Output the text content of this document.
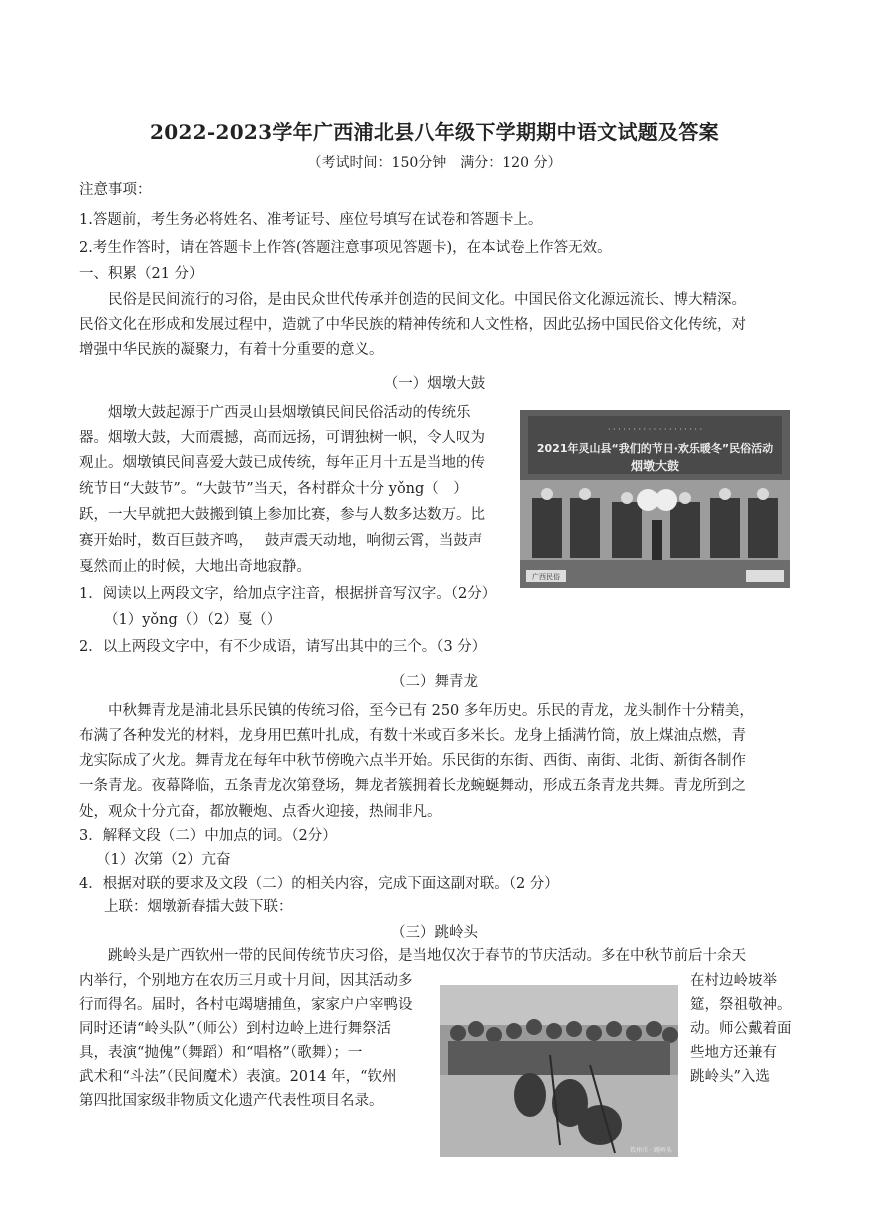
2022-2023学年广西浦北县八年级下学期期中语文试题及答案
（考试时间：150分钟　满分：120 分）
注意事项：
1.答题前，考生务必将姓名、准考证号、座位号填写在试卷和答题卡上。
2.考生作答时，请在答题卡上作答(答题注意事项见答题卡)，在本试卷上作答无效。
一、积累（21 分）
民俗是民间流行的习俗，是由民众世代传承并创造的民间文化。中国民俗文化源远流长、博大精深。
民俗文化在形成和发展过程中，造就了中华民族的精神传统和人文性格，因此弘扬中国民俗文化传统，对
增强中华民族的凝聚力，有着十分重要的意义。
（一）烟墩大鼓
烟墩大鼓起源于广西灵山县烟墩镇民间民俗活动的传统乐
器。烟墩大鼓，大而震撼，高而远扬，可谓独树一帜，令人叹为
观止。烟墩镇民间喜爱大鼓已成传统，每年正月十五是当地的传
统节日“大鼓节”。“大鼓节”当天，各村群众十分 yǒng（　）
跃，一大早就把大鼓搬到镇上参加比赛，参与人数多达数万。比
赛开始时，数百巨鼓齐鸣，　 鼓声震天动地，响彻云霄，当鼓声
戛然而止的时候，大地出奇地寂静。
· · · · · · · · · · · · · · · · · · ·
2021年灵山县“我们的节日·欢乐暖冬”民俗活动
烟墩大鼓
广西民俗
1．阅读以上两段文字，给加点字注音，根据拼音写汉字。（2分）
（1）yǒng（）（2）戛（）
2．以上两段文字中，有不少成语，请写出其中的三个。（3 分）
（二）舞青龙
中秋舞青龙是浦北县乐民镇的传统习俗，至今已有 250 多年历史。乐民的青龙，龙头制作十分精美，
布满了各种发光的材料，龙身用巴蕉叶扎成，有数十米或百多米长。龙身上插满竹筒，放上煤油点燃，青
龙实际成了火龙。舞青龙在每年中秋节傍晚六点半开始。乐民街的东街、西街、南街、北街、新街各制作
一条青龙。夜幕降临，五条青龙次第登场，舞龙者簇拥着长龙蜿蜒舞动，形成五条青龙共舞。青龙所到之
处，观众十分亢奋，都放鞭炮、点香火迎接，热闹非凡。
3．解释文段（二）中加点的词。（2分）
（1）次第（2）亢奋
4．根据对联的要求及文段（二）的相关内容，完成下面这副对联。（2 分）
上联：烟墩新春擂大鼓下联：
（三）跳岭头
跳岭头是广西钦州一带的民间传统节庆习俗，是当地仅次于春节的节庆活动。多在中秋节前后十余天
内举行，个别地方在农历三月或十月间，因其活动多
行而得名。届时，各村屯竭塘捕鱼，家家户户宰鸭设
同时还请“岭头队”（师公）到村边岭上进行舞祭活
具，表演“抛傀”（舞蹈）和“唱格”（歌舞）；一
武术和“斗法”（民间魔术）表演。2014 年，“钦州
第四批国家级非物质文化遗产代表性项目名录。
在村边岭坡举
筵，祭祖敬神。
动。师公戴着面
些地方还兼有
跳岭头”入选
钦州市 · 跳岭头
